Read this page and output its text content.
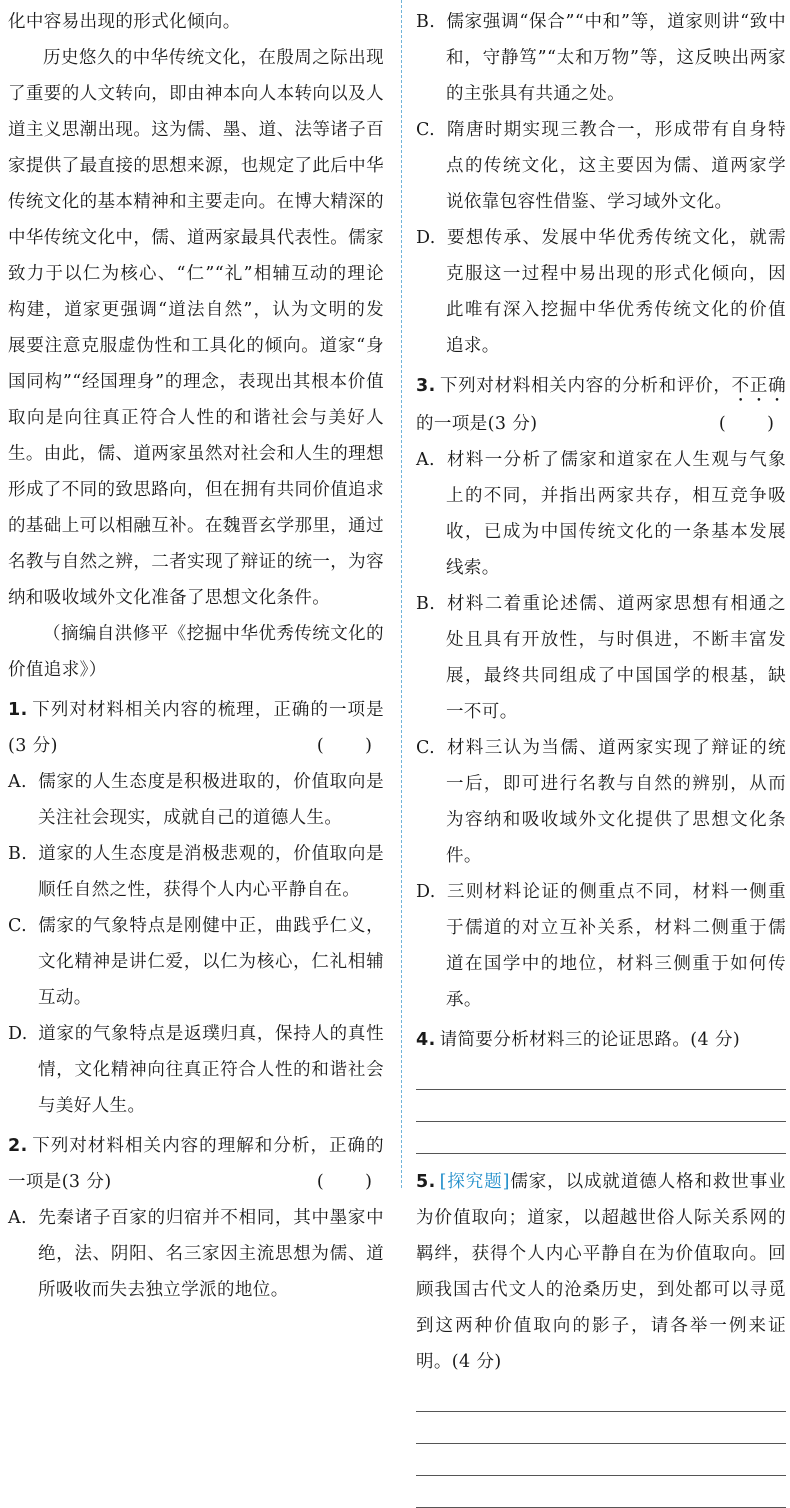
化中容易出现的形式化倾向。

历史悠久的中华传统文化，在殷周之际出现了重要的人文转向，即由神本向人本转向以及人道主义思潮出现。这为儒、墨、道、法等诸子百家提供了最直接的思想来源，也规定了此后中华传统文化的基本精神和主要走向。在博大精深的中华传统文化中，儒、道两家最具代表性。儒家致力于以仁为核心、“仁”“礼”相辅互动的理论构建，道家更强调“道法自然”，认为文明的发展要注意克服虚伪性和工具化的倾向。道家“身国同构”“经国理身”的理念，表现出其根本价值取向是向往真正符合人性的和谐社会与美好人生。由此，儒、道两家虽然对社会和人生的理想形成了不同的致思路向，但在拥有共同价值追求的基础上可以相融互补。在魏晋玄学那里，通过名教与自然之辨，二者实现了辩证的统一，为容纳和吸收域外文化准备了思想文化条件。

（摘编自洪修平《挖掘中华优秀传统文化的价值追求》）

1. 下列对材料相关内容的梳理，正确的一项是(3 分)	(　)

A. 儒家的人生态度是积极进取的，价值取向是关注社会现实，成就自己的道德人生。

B. 道家的人生态度是消极悲观的，价值取向是顺任自然之性，获得个人内心平静自在。

C. 儒家的气象特点是刚健中正，曲践乎仁义，文化精神是讲仁爱，以仁为核心，仁礼相辅互动。

D. 道家的气象特点是返璞归真，保持人的真性情，文化精神向往真正符合人性的和谐社会与美好人生。

2. 下列对材料相关内容的理解和分析，正确的一项是(3 分)	(　)

A. 先秦诸子百家的归宿并不相同，其中墨家中绝，法、阴阳、名三家因主流思想为儒、道所吸收而失去独立学派的地位。

B. 儒家强调“保合”“中和”等，道家则讲“致中和，守静笃”“太和万物”等，这反映出两家的主张具有共通之处。

C. 隋唐时期实现三教合一，形成带有自身特点的传统文化，这主要因为儒、道两家学说依靠包容性借鉴、学习域外文化。

D. 要想传承、发展中华优秀传统文化，就需克服这一过程中易出现的形式化倾向，因此唯有深入挖掘中华优秀传统文化的价值追求。

3. 下列对材料相关内容的分析和评价，不正确的一项是(3 分)	(　)

A. 材料一分析了儒家和道家在人生观与气象上的不同，并指出两家共存，相互竞争吸收，已成为中国传统文化的一条基本发展线索。

B. 材料二着重论述儒、道两家思想有相通之处且具有开放性，与时俱进，不断丰富发展，最终共同组成了中国国学的根基，缺一不可。

C. 材料三认为当儒、道两家实现了辩证的统一后，即可进行名教与自然的辨别，从而为容纳和吸收域外文化提供了思想文化条件。

D. 三则材料论证的侧重点不同，材料一侧重于儒道的对立互补关系，材料二侧重于儒道在国学中的地位，材料三侧重于如何传承。

4. 请简要分析材料三的论证思路。(4 分)

5. [探究题]儒家，以成就道德人格和救世事业为价值取向；道家，以超越世俗人际关系网的羁绊，获得个人内心平静自在为价值取向。回顾我国古代文人的沧桑历史，到处都可以寻觅到这两种价值取向的影子，请各举一例来证明。(4 分)
